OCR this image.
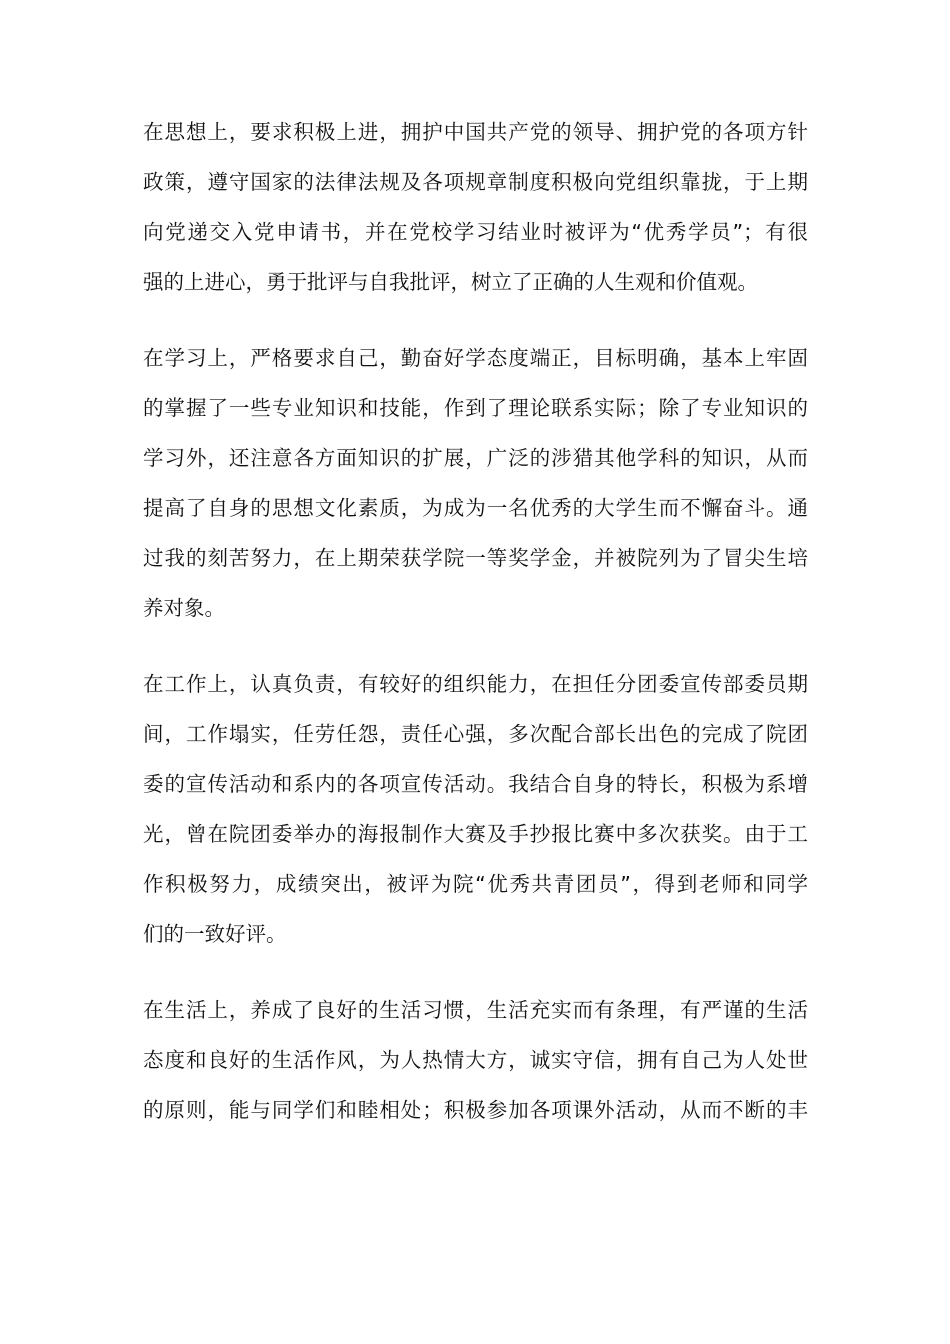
在思想上，要求积极上进，拥护中国共产党的领导、拥护党的各项方针
政策，遵守国家的法律法规及各项规章制度积极向党组织靠拢，于上期
向党递交入党申请书，并在党校学习结业时被评为“优秀学员”；有很
强的上进心，勇于批评与自我批评，树立了正确的人生观和价值观。
在学习上，严格要求自己，勤奋好学态度端正，目标明确，基本上牢固
的掌握了一些专业知识和技能，作到了理论联系实际；除了专业知识的
学习外，还注意各方面知识的扩展，广泛的涉猎其他学科的知识，从而
提高了自身的思想文化素质，为成为一名优秀的大学生而不懈奋斗。通
过我的刻苦努力，在上期荣获学院一等奖学金，并被院列为了冒尖生培
养对象。
在工作上，认真负责，有较好的组织能力，在担任分团委宣传部委员期
间，工作塌实，任劳任怨，责任心强，多次配合部长出色的完成了院团
委的宣传活动和系内的各项宣传活动。我结合自身的特长，积极为系增
光，曾在院团委举办的海报制作大赛及手抄报比赛中多次获奖。由于工
作积极努力，成绩突出，被评为院“优秀共青团员”，得到老师和同学
们的一致好评。
在生活上，养成了良好的生活习惯，生活充实而有条理，有严谨的生活
态度和良好的生活作风，为人热情大方，诚实守信，拥有自己为人处世
的原则，能与同学们和睦相处；积极参加各项课外活动，从而不断的丰
